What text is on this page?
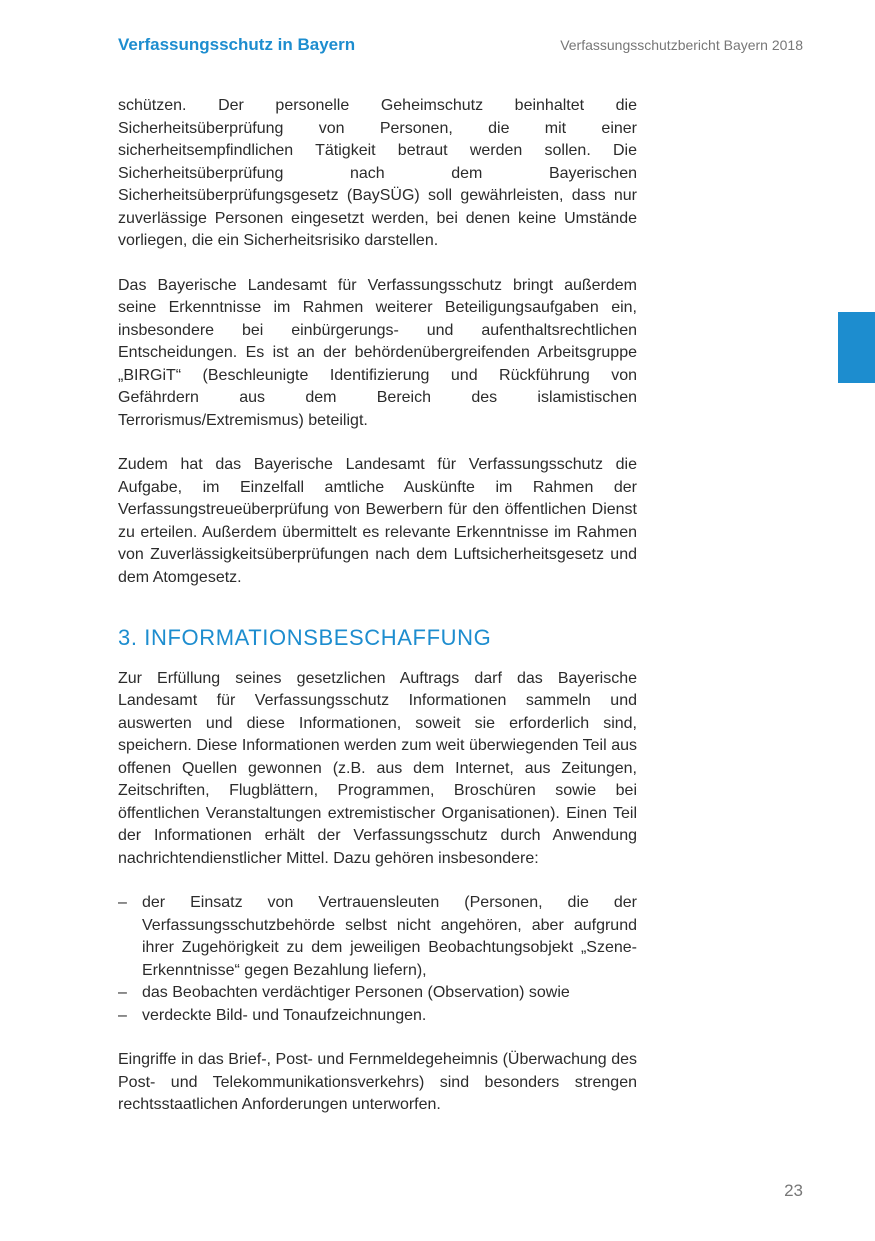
Verfassungsschutz in Bayern	Verfassungsschutzbericht Bayern 2018

schützen. Der personelle Geheimschutz beinhaltet die Sicherheitsüberprüfung von Personen, die mit einer sicherheitsempfindlichen Tätigkeit betraut werden sollen. Die Sicherheitsüberprüfung nach dem Bayerischen Sicherheitsüberprüfungsgesetz (BaySÜG) soll gewährleisten, dass nur zuverlässige Personen eingesetzt werden, bei denen keine Umstände vorliegen, die ein Sicherheitsrisiko darstellen.

Das Bayerische Landesamt für Verfassungsschutz bringt außerdem seine Erkenntnisse im Rahmen weiterer Beteiligungsaufgaben ein, insbesondere bei einbürgerungs- und aufenthaltsrechtlichen Entscheidungen. Es ist an der behördenübergreifenden Arbeitsgruppe „BIRGiT“ (Beschleunigte Identifizierung und Rückführung von Gefährdern aus dem Bereich des islamistischen Terrorismus/Extremismus) beteiligt.

Zudem hat das Bayerische Landesamt für Verfassungsschutz die Aufgabe, im Einzelfall amtliche Auskünfte im Rahmen der Verfassungstreueüberprüfung von Bewerbern für den öffentlichen Dienst zu erteilen. Außerdem übermittelt es relevante Erkenntnisse im Rahmen von Zuverlässigkeitsüberprüfungen nach dem Luftsicherheitsgesetz und dem Atomgesetz.

3. INFORMATIONSBESCHAFFUNG

Zur Erfüllung seines gesetzlichen Auftrags darf das Bayerische Landesamt für Verfassungsschutz Informationen sammeln und auswerten und diese Informationen, soweit sie erforderlich sind, speichern. Diese Informationen werden zum weit überwiegenden Teil aus offenen Quellen gewonnen (z.B. aus dem Internet, aus Zeitungen, Zeitschriften, Flugblättern, Programmen, Broschüren sowie bei öffentlichen Veranstaltungen extremistischer Organisationen). Einen Teil der Informationen erhält der Verfassungsschutz durch Anwendung nachrichtendienstlicher Mittel. Dazu gehören insbesondere:

– der Einsatz von Vertrauensleuten (Personen, die der Verfassungsschutzbehörde selbst nicht angehören, aber aufgrund ihrer Zugehörigkeit zu dem jeweiligen Beobachtungsobjekt „Szene-Erkenntnisse“ gegen Bezahlung liefern),
– das Beobachten verdächtiger Personen (Observation) sowie
– verdeckte Bild- und Tonaufzeichnungen.

Eingriffe in das Brief-, Post- und Fernmeldegeheimnis (Überwachung des Post- und Telekommunikationsverkehrs) sind besonders strengen rechtsstaatlichen Anforderungen unterworfen.

23
